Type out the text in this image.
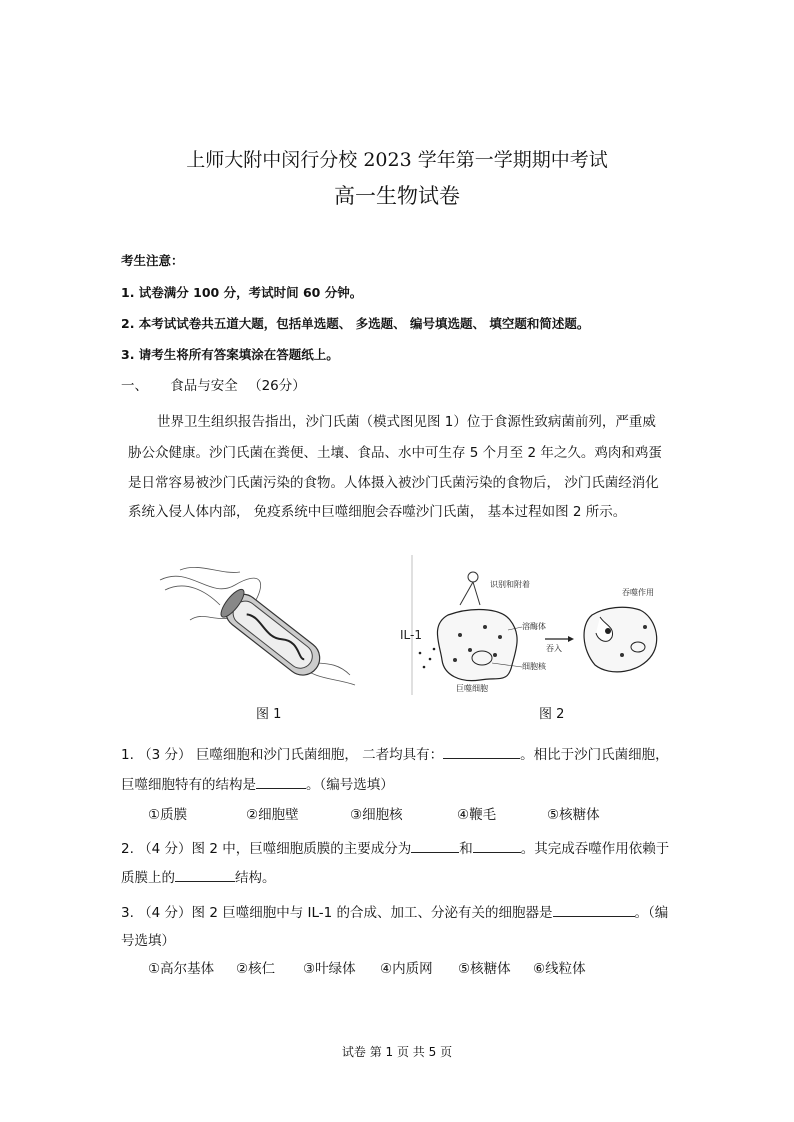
上师大附中闵行分校 2023 学年第一学期期中考试
高一生物试卷
考生注意：
1. 试卷满分 100 分，考试时间 60 分钟。
2. 本考试试卷共五道大题，包括单选题、 多选题、 编号填选题、 填空题和简述题。
3. 请考生将所有答案填涂在答题纸上。
一、 食品与安全 （26分）
世界卫生组织报告指出，沙门氏菌（模式图见图 1）位于食源性致病菌前列，严重威
胁公众健康。沙门氏菌在粪便、土壤、食品、水中可生存 5 个月至 2 年之久。鸡肉和鸡蛋
是日常容易被沙门氏菌污染的食物。人体摄入被沙门氏菌污染的食物后， 沙门氏菌经消化
系统入侵人体内部， 免疫系统中巨噬细胞会吞噬沙门氏菌， 基本过程如图 2 所示。
识别和附着
IL-1
溶酶体
吞入
细胞核
巨噬细胞
吞噬作用
图 1	图 2
1. （3 分） 巨噬细胞和沙门氏菌细胞， 二者均具有：	。相比于沙门氏菌细胞，
巨噬细胞特有的结构是	。（编号选填）
①质膜	②细胞壁	③细胞核	④鞭毛	⑤核糖体
2. （4 分）图 2 中，巨噬细胞质膜的主要成分为	和	。其完成吞噬作用依赖于
质膜上的	结构。
3. （4 分）图 2 巨噬细胞中与 IL-1 的合成、加工、分泌有关的细胞器是	。（编
号选填）
①高尔基体 ②核仁 ③叶绿体 ④内质网 ⑤核糖体 ⑥线粒体
试卷 第 1 页 共 5 页
